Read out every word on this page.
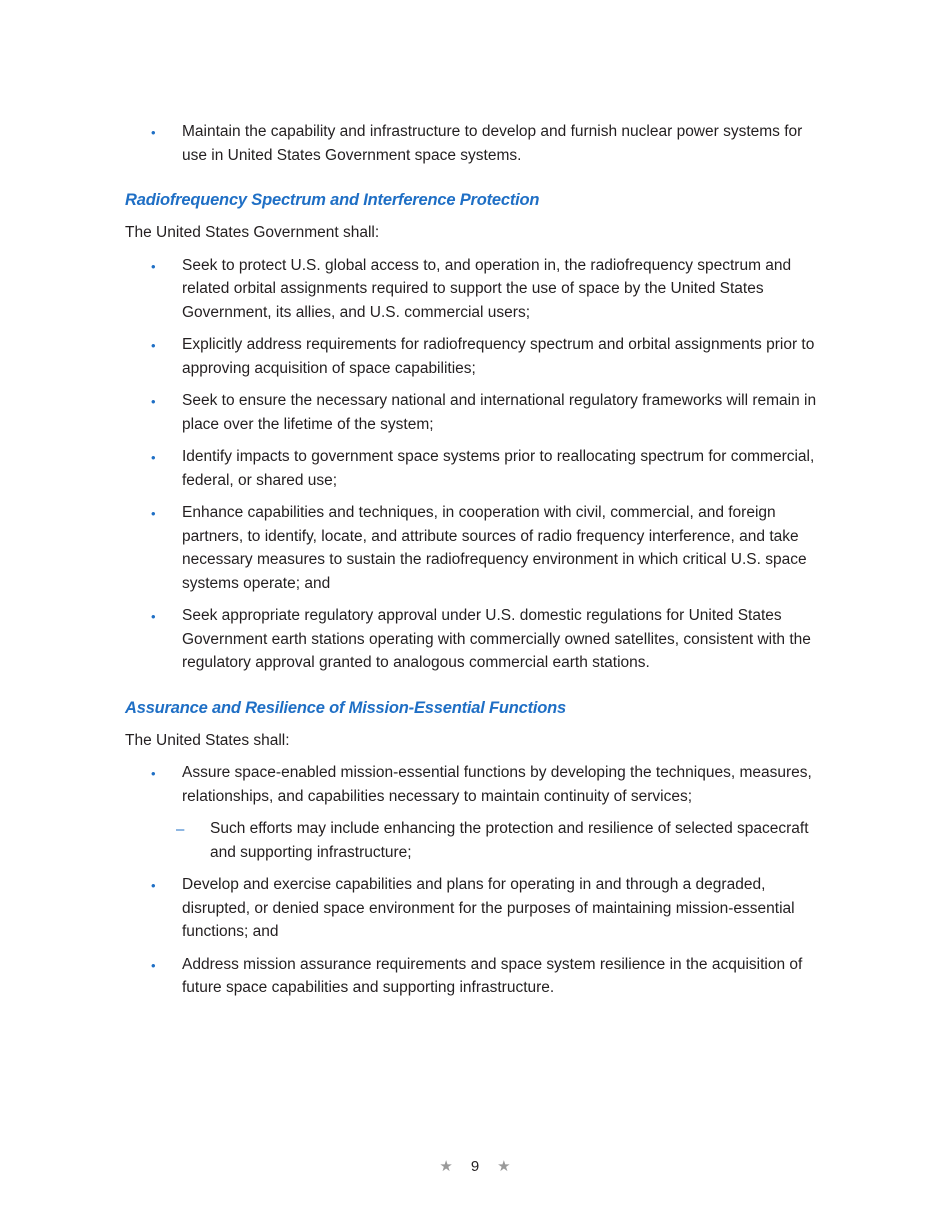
• Maintain the capability and infrastructure to develop and furnish nuclear power systems for use in United States Government space systems.
Radiofrequency Spectrum and Interference Protection

The United States Government shall:

• Seek to protect U.S. global access to, and operation in, the radiofrequency spectrum and related orbital assignments required to support the use of space by the United States Government, its allies, and U.S. commercial users;
• Explicitly address requirements for radiofrequency spectrum and orbital assignments prior to approving acquisition of space capabilities;
• Seek to ensure the necessary national and international regulatory frameworks will remain in place over the lifetime of the system;
• Identify impacts to government space systems prior to reallocating spectrum for commercial, federal, or shared use;
• Enhance capabilities and techniques, in cooperation with civil, commercial, and foreign partners, to identify, locate, and attribute sources of radio frequency interference, and take necessary measures to sustain the radiofrequency environment in which critical U.S. space systems operate; and
• Seek appropriate regulatory approval under U.S. domestic regulations for United States Government earth stations operating with commercially owned satellites, consistent with the regulatory approval granted to analogous commercial earth stations.
Assurance and Resilience of Mission-Essential Functions

The United States shall:

• Assure space-enabled mission-essential functions by developing the techniques, measures, relationships, and capabilities necessary to maintain continuity of services;
– Such efforts may include enhancing the protection and resilience of selected spacecraft and supporting infrastructure;
• Develop and exercise capabilities and plans for operating in and through a degraded, disrupted, or denied space environment for the purposes of maintaining mission-essential functions; and
• Address mission assurance requirements and space system resilience in the acquisition of future space capabilities and supporting infrastructure.
★ 9 ★
